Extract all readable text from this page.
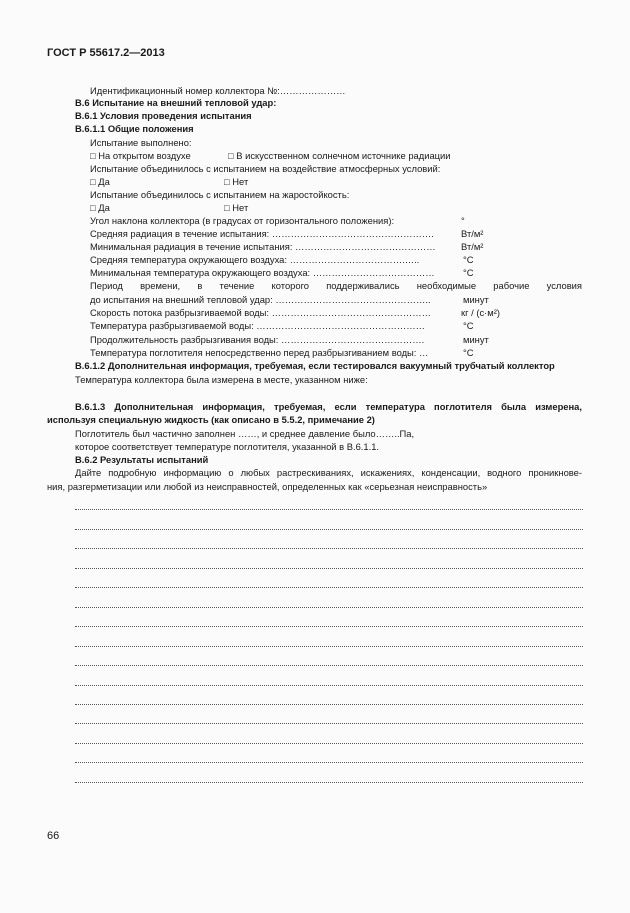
ГОСТ Р 55617.2—2013
Идентификационный номер коллектора №:…………………
В.6 Испытание на внешний тепловой удар:
В.6.1 Условия проведения испытания
В.6.1.1 Общие положения
Испытание выполнено:
□ На открытом воздухе	□ В искусственном солнечном источнике радиации
Испытание объединилось с испытанием на воздействие атмосферных условий:
□ Да	□ Нет
Испытание объединилось с испытанием на жаростойкость:
□ Да	□ Нет
Угол наклона коллектора (в градусах от горизонтального положения):	°
Средняя радиация в течение испытания: …………………………………………….	Вт/м²
Минимальная радиация в течение испытания: ………………………………………	Вт/м²
Средняя температура окружающего воздуха: ……………………………….…..	°С
Минимальная температура окружающего воздуха: …………………………………	°С
Период времени, в течение которого поддерживались необходимые рабочие условия
до испытания на внешний тепловой удар: …………………………………………..	минут
Скорость потока разбрызгиваемой воды: ……………………………………………	кг / (с·м²)
Температура разбрызгиваемой воды: ………………………………………………	°С
Продолжительность разбрызгивания воды: ……………………………………….	минут
Температура поглотителя непосредственно перед разбрызгиванием воды: …	°С
В.6.1.2 Дополнительная информация, требуемая, если тестировался вакуумный трубчатый коллектор
Температура коллектора была измерена в месте, указанном ниже:
В.6.1.3 Дополнительная информация, требуемая, если температура поглотителя была измерена,
используя специальную жидкость (как описано в 5.5.2, примечание 2)
Поглотитель был частично заполнен ……, и среднее давление было……..Па,
которое соответствует температуре поглотителя, указанной в В.6.1.1.
В.6.2 Результаты испытаний
Дайте подробную информацию о любых растрескиваниях, искажениях, конденсации, водного проникнове-
ния, разгерметизации или любой из неисправностей, определенных как «серьезная неисправность»
66
